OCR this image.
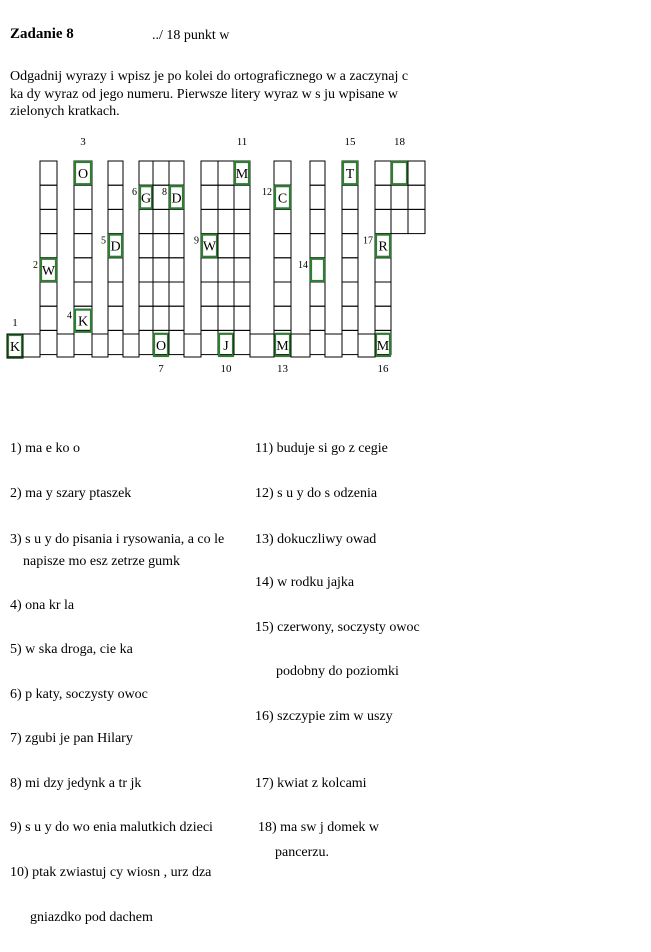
Zadanie 8	../ 18 punkt w
Odgadnij wyrazy i wpisz je po kolei do ortograficznego w a zaczynaj c
ka dy wyraz od jego numeru. Pierwsze litery wyraz w s ju wpisane w
zielonych kratkach.
K
1
W
2
O
3
K
4
D
5
G
6
O
7
D
8
W
9
J
10
M
11
C
12
M
13
14
T
15
M
16
R
17
18
1) ma e ko o
2) ma y szary ptaszek
3) s u y do pisania i rysowania, a co le
napisze mo esz zetrze gumk
4) ona kr la
5) w ska droga, cie ka
6) p katy, soczysty owoc
7) zgubi je pan Hilary
8) mi dzy jedynk a tr jk
9) s u y do wo enia malutkich dzieci
10) ptak zwiastuj cy wiosn , urz dza
gniazdko pod dachem
11) buduje si go z cegie
12) s u y do s odzenia
13) dokuczliwy owad
14) w rodku jajka
15) czerwony, soczysty owoc
podobny do poziomki
16) szczypie zim w uszy
17) kwiat z kolcami
18) ma sw j domek w
pancerzu.
